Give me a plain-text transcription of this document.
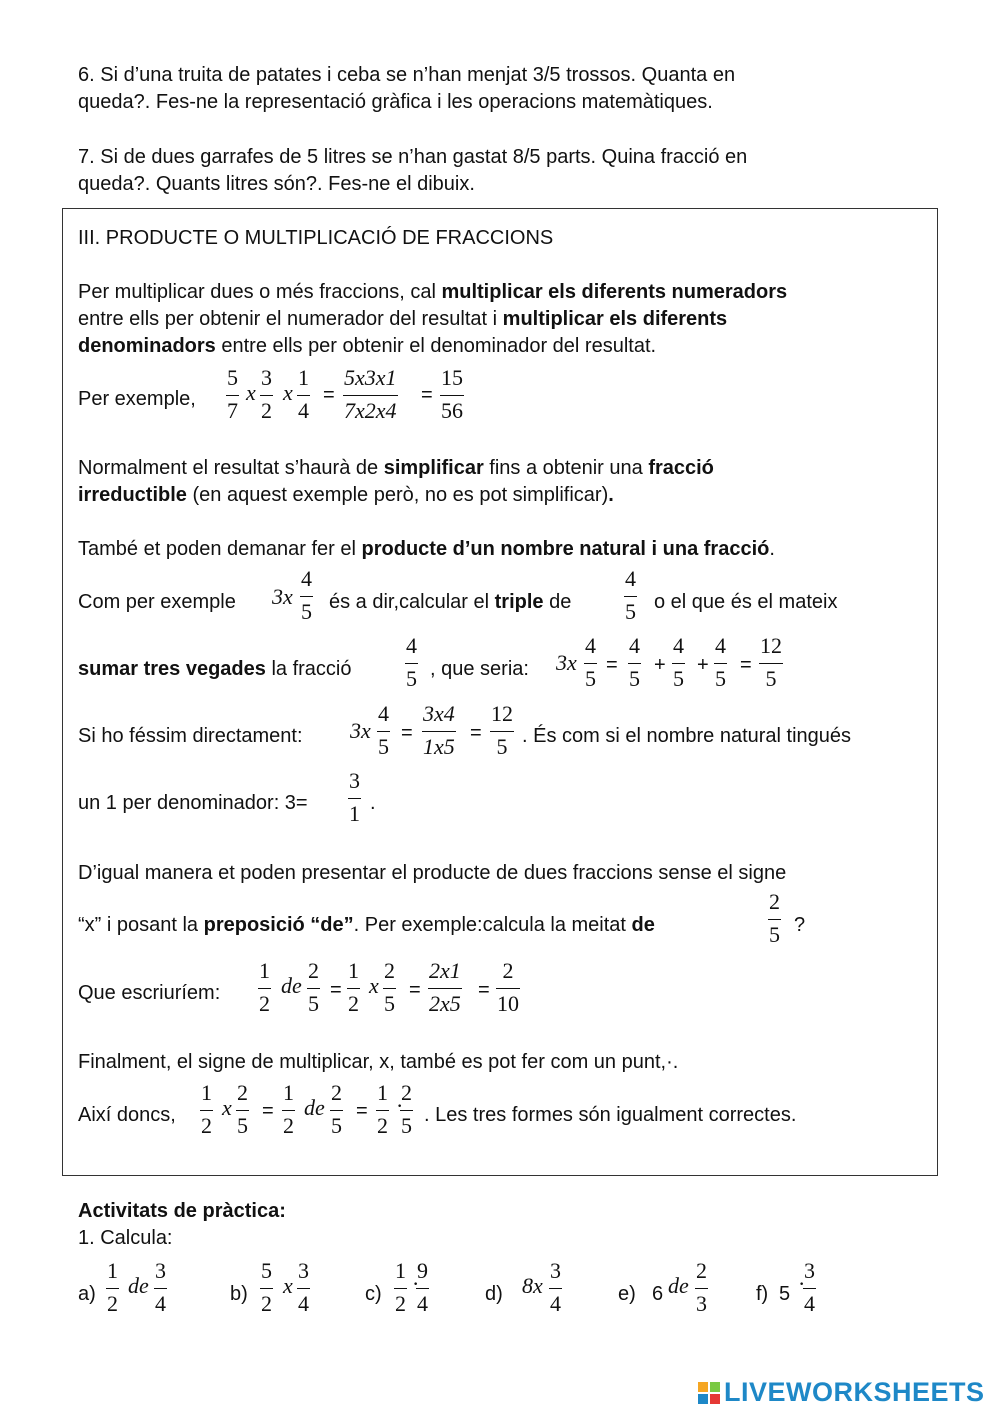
6. Si d’una truita de patates i ceba se n’han menjat 3/5 trossos. Quanta en
queda?. Fes-ne la representació gràfica i les operacions matemàtiques.
7. Si de dues garrafes de 5 litres se n’han gastat 8/5 parts. Quina fracció en
queda?. Quants litres són?. Fes-ne el dibuix.
III. PRODUCTE O MULTIPLICACIÓ DE FRACCIONS
Per multiplicar dues o més fraccions, cal multiplicar els diferents numeradors
entre ells per obtenir el numerador del resultat i multiplicar els diferents
denominadors entre ells per obtenir el denominador del resultat.
Per exemple, $\frac{5}{7}$ x $\frac{3}{2}$ x $\frac{1}{4} = \frac{5x3x1}{7x2x4} = \frac{15}{56}$
Normalment el resultat s’haurà de simplificar fins a obtenir una fracció
irreductible (en aquest exemple però, no es pot simplificar).
També et poden demanar fer el producte d’un nombre natural i una fracció.
Com per exemple $3x \frac{4}{5}$ és a dir,calcular el triple de $\frac{4}{5}$ o el que és el mateix
sumar tres vegades la fracció $\frac{4}{5}$ , que seria: $3x \frac{4}{5} = \frac{4}{5} + \frac{4}{5} + \frac{4}{5} = \frac{12}{5}$
Si ho féssim directament: $3x \frac{4}{5} = \frac{3x4}{1x5} = \frac{12}{5}$ . És com si el nombre natural tingués
un 1 per denominador: $3= \frac{3}{1}$ .
D’igual manera et poden presentar el producte de dues fraccions sense el signe
“x” i posant la preposició “de”. Per exemple:calcula la meitat de	$\frac{2}{5}$ ?
Que escriuríem: $\frac{1}{2}$ de $\frac{2}{5} = \frac{1}{2}$ x $\frac{2}{5} = \frac{2x1}{2x5} = \frac{2}{10}$
Finalment, el signe de multiplicar, x, també es pot fer com un punt,·.
Així doncs, $\frac{1}{2}$ x $\frac{2}{5} = \frac{1}{2}$ de $\frac{2}{5} = \frac{1}{2}$ ·
$\frac{2}{5}$ . Les tres formes són igualment correctes.
Activitats de pràctica:
1. Calcula:
$a) \frac{1}{2}$ de $\frac{3}{4}$	$b) \frac{5}{2}$ x $\frac{3}{4}$	$c) \frac{1}{2}$ ·
$\frac{9}{4}$	d) $8x \frac{3}{4}$	e) 6 de $\frac{2}{3} f$) 5 ·
$\frac{3}{4}$
LIVEWORKSHEETS
